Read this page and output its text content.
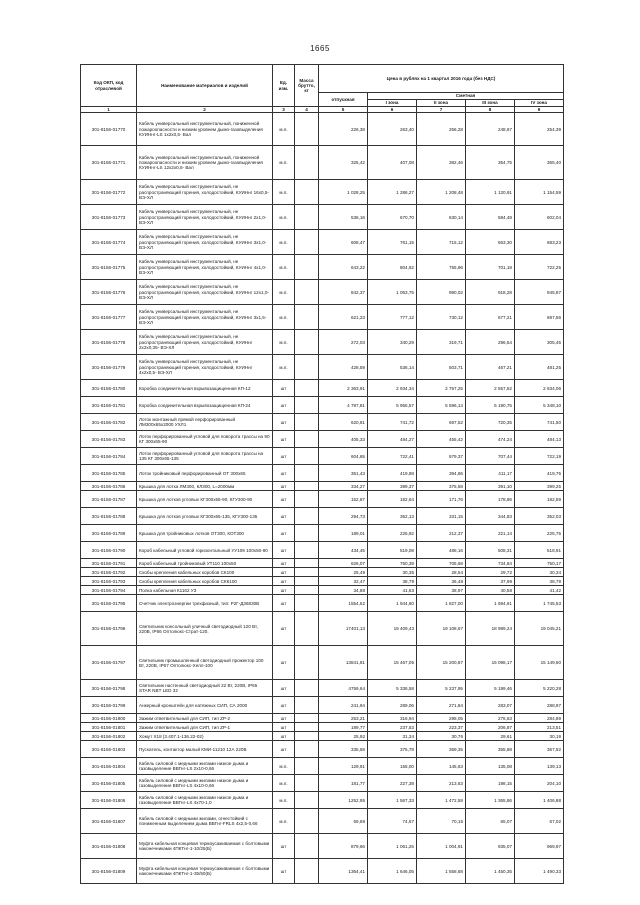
1665
Код ОКП, код отраслевой	Наименование материалов и изделий	Ед. изм.	Масса брутто, кг	Цена в рублях на 1 квартал 2016 года (без НДС)				
				отпускная	Сметная			
					I зона	II зона	III зона	IV зона
1	2	3	4	5	6	7	8	9
301-8156-01770	Кабель универсальный инструментальный, пониженной пожароопасности и низким уровнем дымо-газовыделения КУИНнг-LS 1х2х0,5- Вал	м.п.		226,38	263,40	256,28	248,67	254,39
301-8156-01771	Кабель универсальный инструментальный, пониженной пожароопасности и низким уровнем дымо-газовыделения КУИНнг-LS 12х2х0,5- Вал	м.п.		325,42	407,08	382,46	354,75	365,40
301-8156-01772	Кабель универсальный инструментальный, не распространяющий горения, холодостойкий, КУИНнг 16х0,5- ВЭ-ХЛ	м.п.		1 028,25	1 286,27	1 208,48	1 120,91	1 154,59
301-8156-01773	Кабель универсальный инструментальный, не распространяющий горения, холодостойкий, КУИНнг 2х1,0- ВЭ-ХЛ	м.п.		536,16	670,70	630,14	584,48	602,04
301-8156-01774	Кабель универсальный инструментальный, не распространяющий горения, холодостойкий, КУИНнг 3х1,0- ВЭ-ХЛ	м.п.		608,47	761,15	715,12	663,30	683,23
301-8156-01775	Кабель универсальный инструментальный, не распространяющий горения, холодостойкий, КУИНнг 4х1,0- ВЭ-ХЛ	м.п.		643,22	804,62	755,96	701,18	722,25
301-8156-01776	Кабель универсальный инструментальный, не распространяющий горения, холодостойкий, КУИНнг 12х1,0- ВЭ-ХЛ	м.п.		842,37	1 053,75	990,02	918,28	945,87
301-8156-01777	Кабель универсальный инструментальный, не распространяющий горения, холодостойкий, КУИНнг 3х1,5- ВЭ-ХЛ	м.п.		621,23	777,12	730,12	677,21	697,56
301-8156-01778	Кабель универсальный инструментальный, не распространяющий горения, холодостойкий, КУИНнг 2х2х0,35- ВЭ-ХЛ	м.п.		272,03	340,29	319,71	296,54	305,45
301-8156-01779	Кабель универсальный инструментальный, не распространяющий горения, холодостойкий, КУИНнг 4х2х0,5- ВЭ-ХЛ	м.п.		428,59	536,14	503,71	467,21	481,25
301-8156-01780	Коробка соединительная взрывозащищенная КП-12	шт		2 363,91	2 934,34	2 757,25	2 557,52	2 634,06
301-8156-01781	Коробка соединительная взрывозащищенная КП-24	шт		4 797,81	5 955,57	5 596,14	5 190,75	5 348,10
301-8156-01782	Лоток монтажный прямой перфорированный ЛМ300х65х2000 УХЛ1	шт		620,81	741,72	697,52	720,35	741,50
301-8156-01783	Лоток перфорированный угловой для поворота трассы на 90 КГ 300х65-90	шт		405,33	484,27	455,42	474,24	484,13
301-8156-01784	Лоток перфорированный угловой для поворота трассы на 135 КГ 300х65-135	шт		604,65	722,41	679,37	707,44	722,19
301-8156-01785	Лоток тройниковый перфорированный ОТ 300х65	шт		351,43	419,88	394,86	411,17	419,75
301-8156-01786	Крышка для лотка ЛМ300, КЛ300, L=2000мм	шт		334,27	399,37	375,58	391,10	399,25
301-8156-01787	Крышка для лотков угловых КГ300х65-90, КГУ300-90	шт		152,87	182,64	171,76	178,86	182,59
301-8156-01788	Крышка для лотков угловых КГ300х65-135, КГУ300-135	шт		294,73	352,13	331,15	344,83	352,03
301-8156-01789	Крышка для тройниковых лотков ОТ300, КОТ300	шт		189,01	225,92	212,37	221,14	225,75
301-8156-01790	Короб кабельный угловой горизонтальный УУ109 100х50-90	шт		434,45	519,08	488,16	508,31	518,91
301-8156-01791	Короб кабельный тройниковый УТ110 100х50	шт		626,07	750,39	705,68	734,84	750,17
301-8156-01792	Скобы крепления кабельных коробов СК100	шт		25,49	30,35	28,54	29,72	30,34
301-8156-01793	Скобы крепления кабельных коробов СКК100	шт		32,47	38,79	36,48	37,99	38,78
301-8156-01794	Полка кабельная К1162 УЗ	шт		34,88	41,63	38,97	40,58	41,42
301-8156-01795	Счетчик электроэнергии трехфазный, тип: Р2Г-Д36830В	шт		1554,52	1 944,60	1 827,00	1 694,61	1 745,53
301-8156-01796	Светильник консольный уличный светодиодный 120 Вт, 220В, IP66 Оптолюкс-Страт-120.	шт		17401,13	19 409,43	19 108,67	18 989,24	19 045,21
301-8156-01797	Светильник промышленный светодиодный прожектор 100 Вт, 220В, IP67 Оптолюкс-Хелл-100	шт		13841,81	15 467,05	15 200,87	15 098,17	15 149,60
301-8156-01798	Светильник настенный светодиодный 22 Вт, 220В, IP65 STAR NBT LED 32	шт		4759,64	5 336,58	5 237,95	5 199,46	5 220,28
301-8156-01799	Анкерный кронштейн для натяжных СИП, СА 2000	шт		241,94	289,06	271,84	283,07	288,97
301-8156-01800	Зажим ответвительный для СИП, тип ZP-2	шт		253,21	316,94	298,05	276,63	284,89
301-8156-01801	Зажим ответвительный для СИП, тип ZP-1	шт		189,77	237,53	223,37	206,87	213,51
301-8156-01802	Хомут Х18 (3.407.1-136.22-02)	шт		25,92	31,34	30,76	29,61	30,19
301-8156-01803	Пускатель, контактор малый КМИ-11210 12А 220В	шт		335,68	375,78	369,35	355,88	367,92
301-8156-01804	Кабель силовой с медными жилами низкое дыма и газовыделение ВВГнг-LS 2х10-0,66	м.п.		129,91	155,00	145,63	135,08	139,13
301-8156-01805	Кабель силовой с медными жилами низкое дыма и газовыделение ВВГнг-LS 4х10-0,66	м.п.		181,77	227,38	213,63	198,15	204,10
301-8156-01806	Кабель силовой с медными жилами низкое дыма и газовыделение ВВГнг-LS 4х70-1,0	м.п.		1252,95	1 567,33	1 472,58	1 365,86	1 406,88
301-8156-01807	Кабель силовой с медными жилами, огнестойкий с пониженным выделением дыма ВВГнг-FRLS 4х2,5-0,66	м.п.		59,69	74,67	70,15	65,07	67,02
301-8156-01808	Муфта кабельная концевая термоусаживаемая с болтовыми наконечниками 4ПКТнг-1-10/25(Б)	шт		879,66	1 061,25	1 004,91	935,07	969,97
301-8156-01809	Муфта кабельная концевая термоусаживаемая с болтовыми наконечниками 4ПКТнг-1-35/50(Б)	шт		1364,41	1 646,05	1 558,68	1 450,35	1 490,33
